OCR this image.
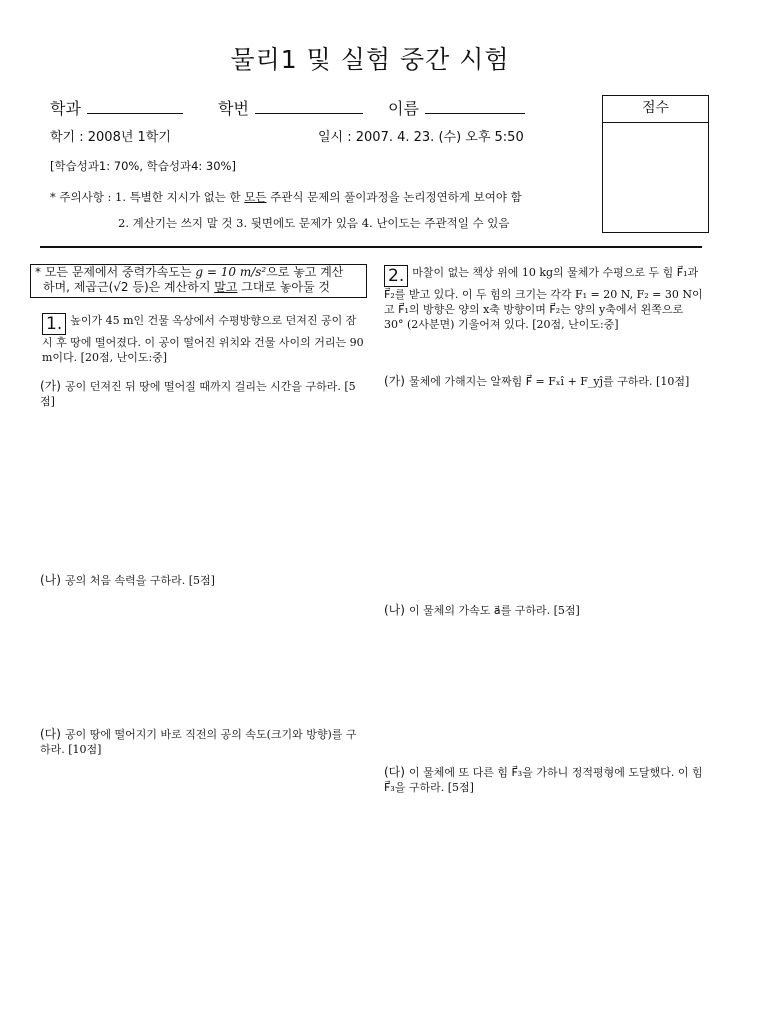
물리1 및 실험 중간 시험
학과	학번	이름	점수
학기 : 2008년 1학기	일시 : 2007. 4. 23. (수) 오후 5:50
[학습성과1: 70%, 학습성과4: 30%]
* 주의사항 : 1. 특별한 지시가 없는 한 모든 주관식 문제의 풀이과정을 논리정연하게 보여야 함
2. 계산기는 쓰지 말 것 3. 뒷면에도 문제가 있음 4. 난이도는 주관적일 수 있음
* 모든 문제에서 중력가속도는 g = 10 m/s²으로 놓고 계산
하며, 제곱근(√2 등)은 계산하지 말고 그대로 놓아둘 것
1. 높이가 45 m인 건물 옥상에서 수평방향으로 던져진 공이 잠시 후 땅에 떨어졌다. 이 공이 떨어진 위치와 건물 사이의 거리는 90 m이다. [20점, 난이도:중]
(가) 공이 던져진 뒤 땅에 떨어질 때까지 걸리는 시간을 구하라. [5점]
(나) 공의 처음 속력을 구하라. [5점]
(다) 공이 땅에 떨어지기 바로 직전의 공의 속도(크기와 방향)를 구하라. [10점]
2. 마찰이 없는 책상 위에 10 kg의 물체가 수평으로 두 힘 F⃗₁과 F⃗₂를 받고 있다. 이 두 힘의 크기는 각각 F₁ = 20 N, F₂ = 30 N이고 F⃗₁의 방향은 양의 x축 방향이며 F⃗₂는 양의 y축에서 왼쪽으로 30° (2사분면) 기울어져 있다. [20점, 난이도:중]
(가) 물체에 가해지는 알짜힘 F⃗ = Fₓî + F_yĵ를 구하라. [10점]
(나) 이 물체의 가속도 a⃗를 구하라. [5점]
(다) 이 물체에 또 다른 힘 F⃗₃을 가하니 정적평형에 도달했다. 이 힘 F⃗₃을 구하라. [5점]
